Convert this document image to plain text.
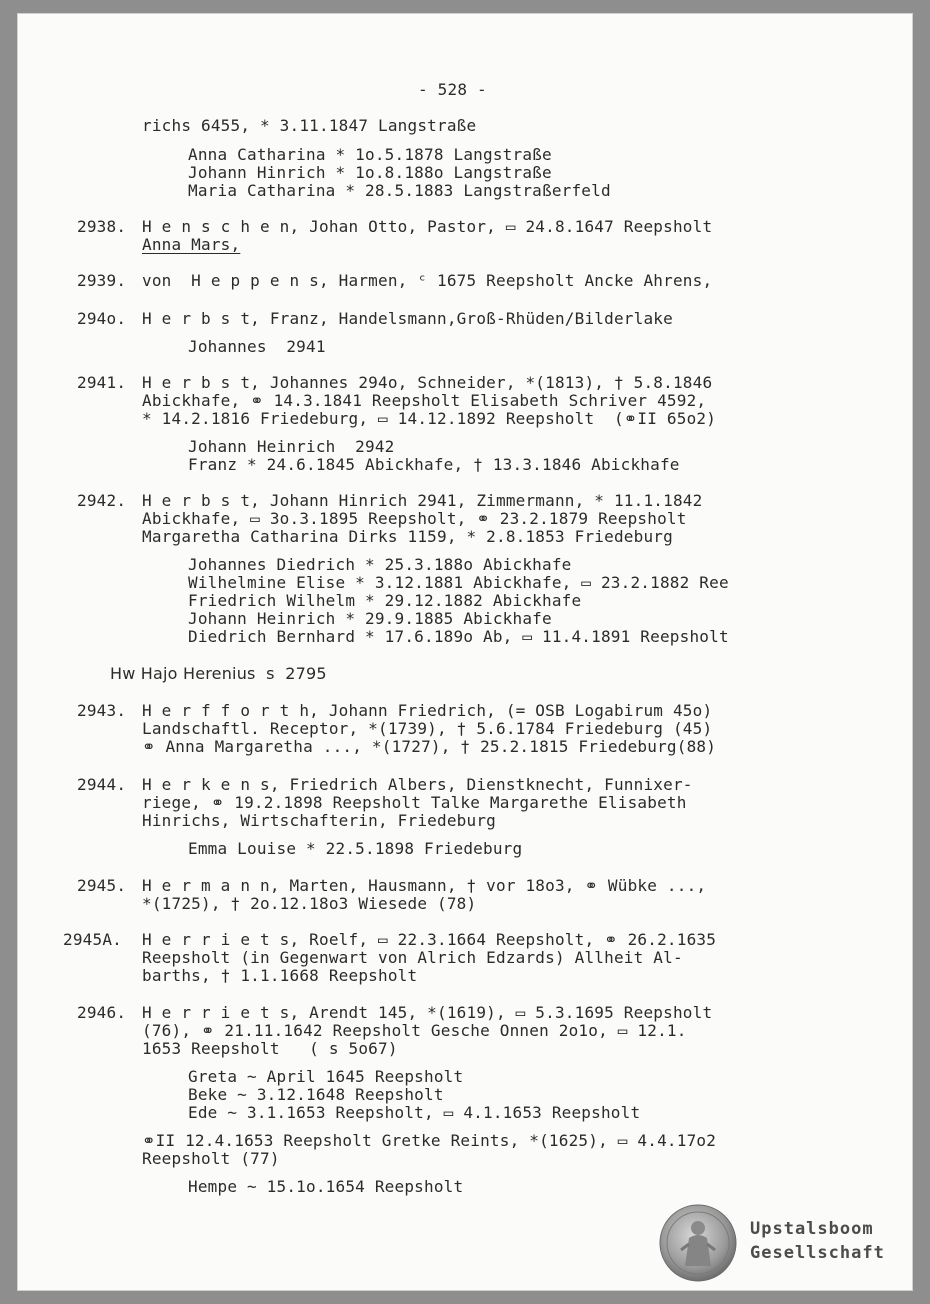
- 528 -

richs 6455, * 3.11.1847 Langstraße

Anna Catharina * 1o.5.1878 Langstraße

Johann Hinrich * 1o.8.188o Langstraße

Maria Catharina * 28.5.1883 Langstraßerfeld

2938. H e n s c h e n, Johan Otto, Pastor, ▭ 24.8.1647 Reepsholt

Anna Mars,

2939. von  H e p p e n s, Harmen, ᶜ 1675 Reepsholt Ancke Ahrens,

294o. H e r b s t, Franz, Handelsmann,Groß-Rhüden/Bilderlake

Johannes  2941

2941. H e r b s t, Johannes 294o, Schneider, *(1813), † 5.8.1846

Abickhafe, ⚭ 14.3.1841 Reepsholt Elisabeth Schriver 4592,

* 14.2.1816 Friedeburg, ▭ 14.12.1892 Reepsholt  (⚭II 65o2)

Johann Heinrich  2942

Franz * 24.6.1845 Abickhafe, † 13.3.1846 Abickhafe

2942. H e r b s t, Johann Hinrich 2941, Zimmermann, * 11.1.1842

Abickhafe, ▭ 3o.3.1895 Reepsholt, ⚭ 23.2.1879 Reepsholt

Margaretha Catharina Dirks 1159, * 2.8.1853 Friedeburg

Johannes Diedrich * 25.3.188o Abickhafe

Wilhelmine Elise * 3.12.1881 Abickhafe, ▭ 23.2.1882 Ree

Friedrich Wilhelm * 29.12.1882 Abickhafe

Johann Heinrich * 29.9.1885 Abickhafe

Diedrich Bernhard * 17.6.189o Ab, ▭ 11.4.1891 Reepsholt

Hw Hajo Herenius  s  2795

2943. H e r f f o r t h, Johann Friedrich, (= OSB Logabirum 45o)

Landschaftl. Receptor, *(1739), † 5.6.1784 Friedeburg (45)

⚭ Anna Margaretha ..., *(1727), † 25.2.1815 Friedeburg(88)

2944. H e r k e n s, Friedrich Albers, Dienstknecht, Funnixer-

riege, ⚭ 19.2.1898 Reepsholt Talke Margarethe Elisabeth

Hinrichs, Wirtschafterin, Friedeburg

Emma Louise * 22.5.1898 Friedeburg

2945. H e r m a n n, Marten, Hausmann, † vor 18o3, ⚭ Wübke ...,

*(1725), † 2o.12.18o3 Wiesede (78)

2945A. H e r r i e t s, Roelf, ▭ 22.3.1664 Reepsholt, ⚭ 26.2.1635

Reepsholt (in Gegenwart von Alrich Edzards) Allheit Al-

barths, † 1.1.1668 Reepsholt

2946. H e r r i e t s, Arendt 145, *(1619), ▭ 5.3.1695 Reepsholt

(76), ⚭ 21.11.1642 Reepsholt Gesche Onnen 2o1o, ▭ 12.1.

1653 Reepsholt   ( s 5o67)

Greta ~ April 1645 Reepsholt

Beke ~ 3.12.1648 Reepsholt

Ede ~ 3.1.1653 Reepsholt, ▭ 4.1.1653 Reepsholt

⚭II 12.4.1653 Reepsholt Gretke Reints, *(1625), ▭ 4.4.17o2

Reepsholt (77)

Hempe ~ 15.1o.1654 Reepsholt

Upstalsboom
Gesellschaft
